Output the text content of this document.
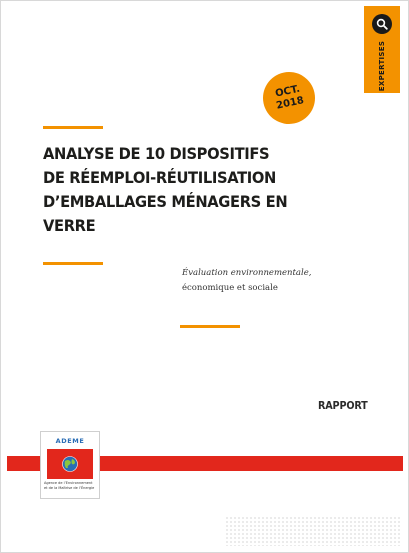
EXPERTISES
OCT.
2018
ANALYSE DE 10 DISPOSITIFS
DE RÉEMPLOI-RÉUTILISATION
D’EMBALLAGES MÉNAGERS EN
VERRE
Évaluation environnementale,
économique et sociale
RAPPORT
ADEME
Agence de l’Environnement
et de la Maîtrise de l’Énergie
